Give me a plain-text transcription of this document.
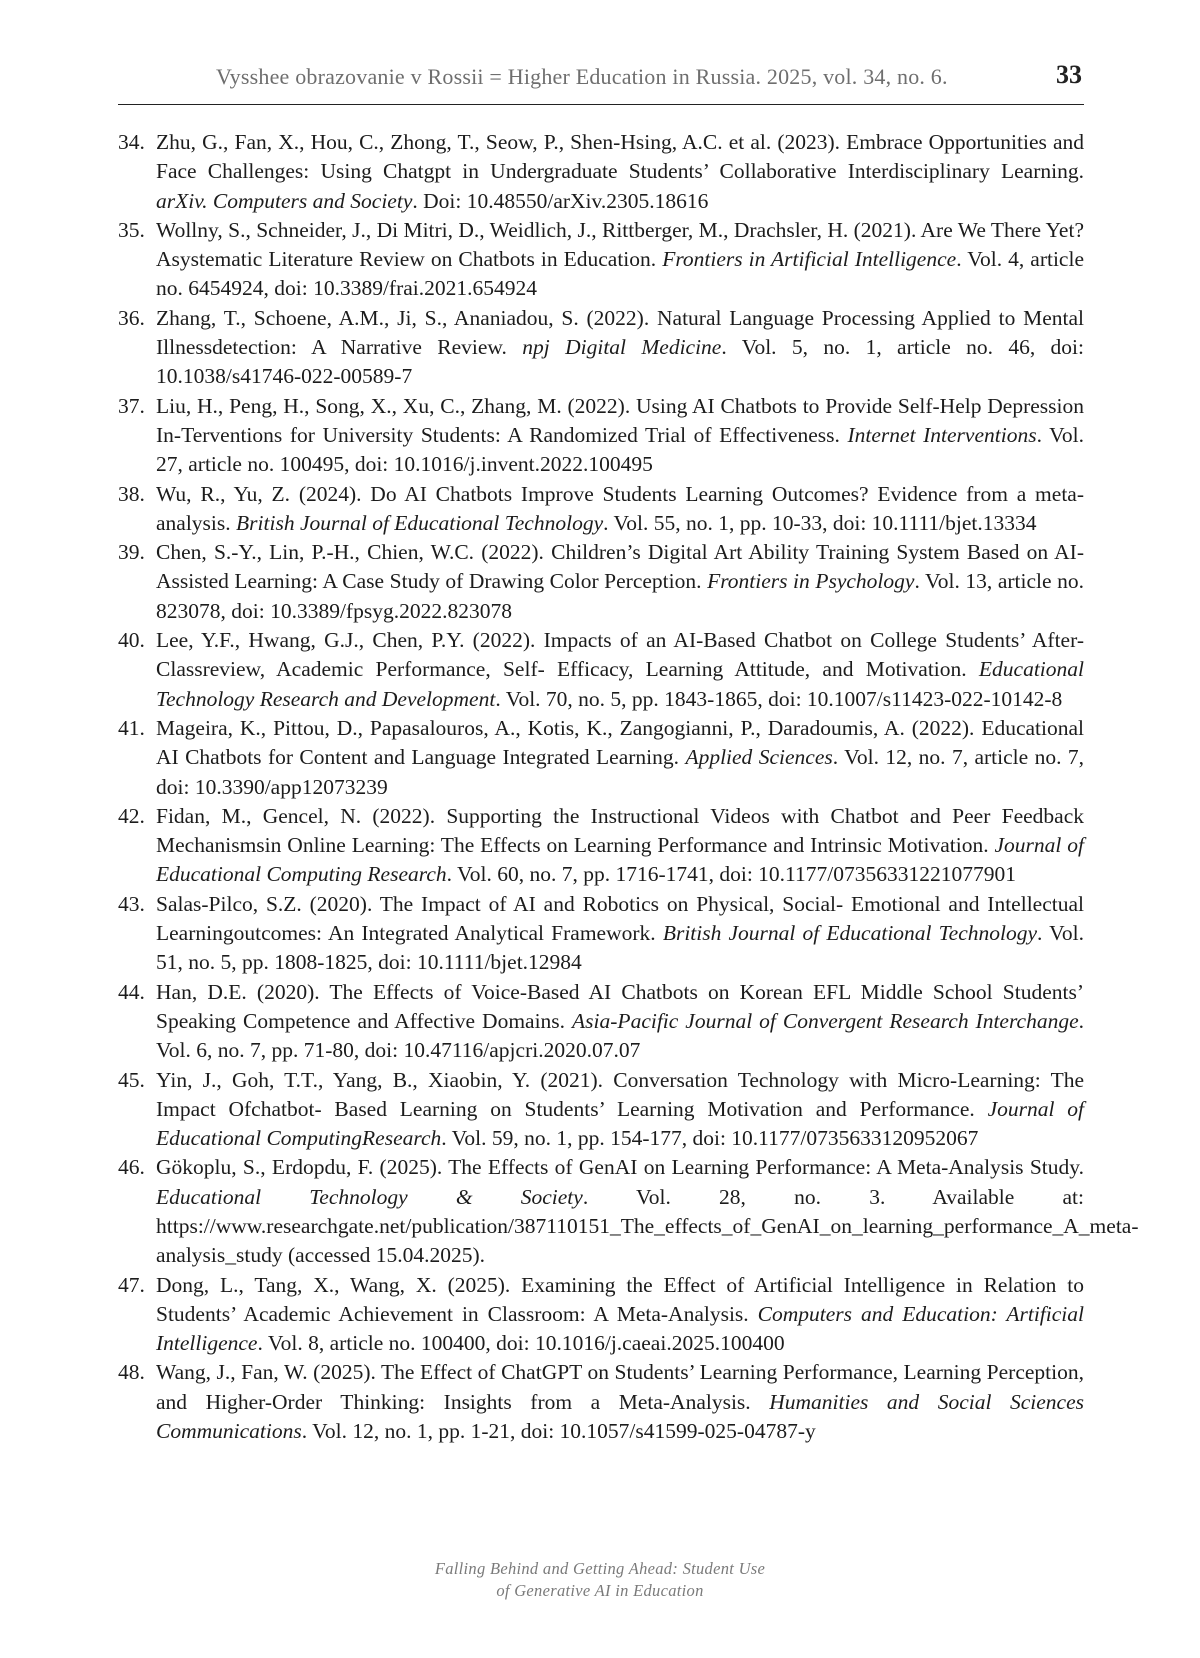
Vysshee obrazovanie v Rossii = Higher Education in Russia. 2025, vol. 34, no. 6.	33
34. Zhu, G., Fan, X., Hou, C., Zhong, T., Seow, P., Shen-Hsing, A.C. et al. (2023). Embrace Opportunities and Face Challenges: Using Chatgpt in Undergraduate Students’ Collaborative Interdisciplinary Learning. arXiv. Computers and Society. Doi: 10.48550/arXiv.2305.18616
35. Wollny, S., Schneider, J., Di Mitri, D., Weidlich, J., Rittberger, M., Drachsler, H. (2021). Are We There Yet? Asystematic Literature Review on Chatbots in Education. Frontiers in Artificial Intelligence. Vol. 4, article no. 6454924, doi: 10.3389/frai.2021.654924
36. Zhang, T., Schoene, A.M., Ji, S., Ananiadou, S. (2022). Natural Language Processing Applied to Mental Illnessdetection: A Narrative Review. npj Digital Medicine. Vol. 5, no. 1, article no. 46, doi: 10.1038/s41746-022-00589-7
37. Liu, H., Peng, H., Song, X., Xu, C., Zhang, M. (2022). Using AI Chatbots to Provide Self-Help Depression In-Terventions for University Students: A Randomized Trial of Effectiveness. Internet Interventions. Vol. 27, article no. 100495, doi: 10.1016/j.invent.2022.100495
38. Wu, R., Yu, Z. (2024). Do AI Chatbots Improve Students Learning Outcomes? Evidence from a meta-analysis. British Journal of Educational Technology. Vol. 55, no. 1, pp. 10-33, doi: 10.1111/bjet.13334
39. Chen, S.-Y., Lin, P.-H., Chien, W.C. (2022). Children’s Digital Art Ability Training System Based on AI-Assisted Learning: A Case Study of Drawing Color Perception. Frontiers in Psychology. Vol. 13, article no. 823078, doi: 10.3389/fpsyg.2022.823078
40. Lee, Y.F., Hwang, G.J., Chen, P.Y. (2022). Impacts of an AI-Based Chatbot on College Students’ After- Classreview, Academic Performance, Self- Efficacy, Learning Attitude, and Motivation. Educational Technology Research and Development. Vol. 70, no. 5, pp. 1843-1865, doi: 10.1007/s11423-022-10142-8
41. Mageira, K., Pittou, D., Papasalouros, A., Kotis, K., Zangogianni, P., Daradoumis, A. (2022). Educational AI Chatbots for Content and Language Integrated Learning. Applied Sciences. Vol. 12, no. 7, article no. 7, doi: 10.3390/app12073239
42. Fidan, M., Gencel, N. (2022). Supporting the Instructional Videos with Chatbot and Peer Feedback Mechanismsin Online Learning: The Effects on Learning Performance and Intrinsic Motivation. Journal of Educational Computing Research. Vol. 60, no. 7, pp. 1716-1741, doi: 10.1177/07356331221077901
43. Salas-Pilco, S.Z. (2020). The Impact of AI and Robotics on Physical, Social- Emotional and Intellectual Learningoutcomes: An Integrated Analytical Framework. British Journal of Educational Technology. Vol. 51, no. 5, pp. 1808-1825, doi: 10.1111/bjet.12984
44. Han, D.E. (2020). The Effects of Voice-Based AI Chatbots on Korean EFL Middle School Students’ Speaking Competence and Affective Domains. Asia-Pacific Journal of Convergent Research Interchange. Vol. 6, no. 7, pp. 71-80, doi: 10.47116/apjcri.2020.07.07
45. Yin, J., Goh, T.T., Yang, B., Xiaobin, Y. (2021). Conversation Technology with Micro-Learning: The Impact Ofchatbot- Based Learning on Students’ Learning Motivation and Performance. Journal of Educational ComputingResearch. Vol. 59, no. 1, pp. 154-177, doi: 10.1177/0735633120952067
46. Gökoplu, S., Erdopdu, F. (2025). The Effects of GenAI on Learning Performance: A Meta-Analysis Study. Educational Technology & Society. Vol. 28, no. 3. Available at: https://www.researchgate.net/publication/387110151_The_effects_of_GenAI_on_learning_performance_A_meta-analysis_study (accessed 15.04.2025).
47. Dong, L., Tang, X., Wang, X. (2025). Examining the Effect of Artificial Intelligence in Relation to Students’ Academic Achievement in Classroom: A Meta-Analysis. Computers and Education: Artificial Intelligence. Vol. 8, article no. 100400, doi: 10.1016/j.caeai.2025.100400
48. Wang, J., Fan, W. (2025). The Effect of ChatGPT on Students’ Learning Performance, Learning Perception, and Higher-Order Thinking: Insights from a Meta-Analysis. Humanities and Social Sciences Communications. Vol. 12, no. 1, pp. 1-21, doi: 10.1057/s41599-025-04787-y
Falling Behind and Getting Ahead: Student Use
of Generative AI in Education
